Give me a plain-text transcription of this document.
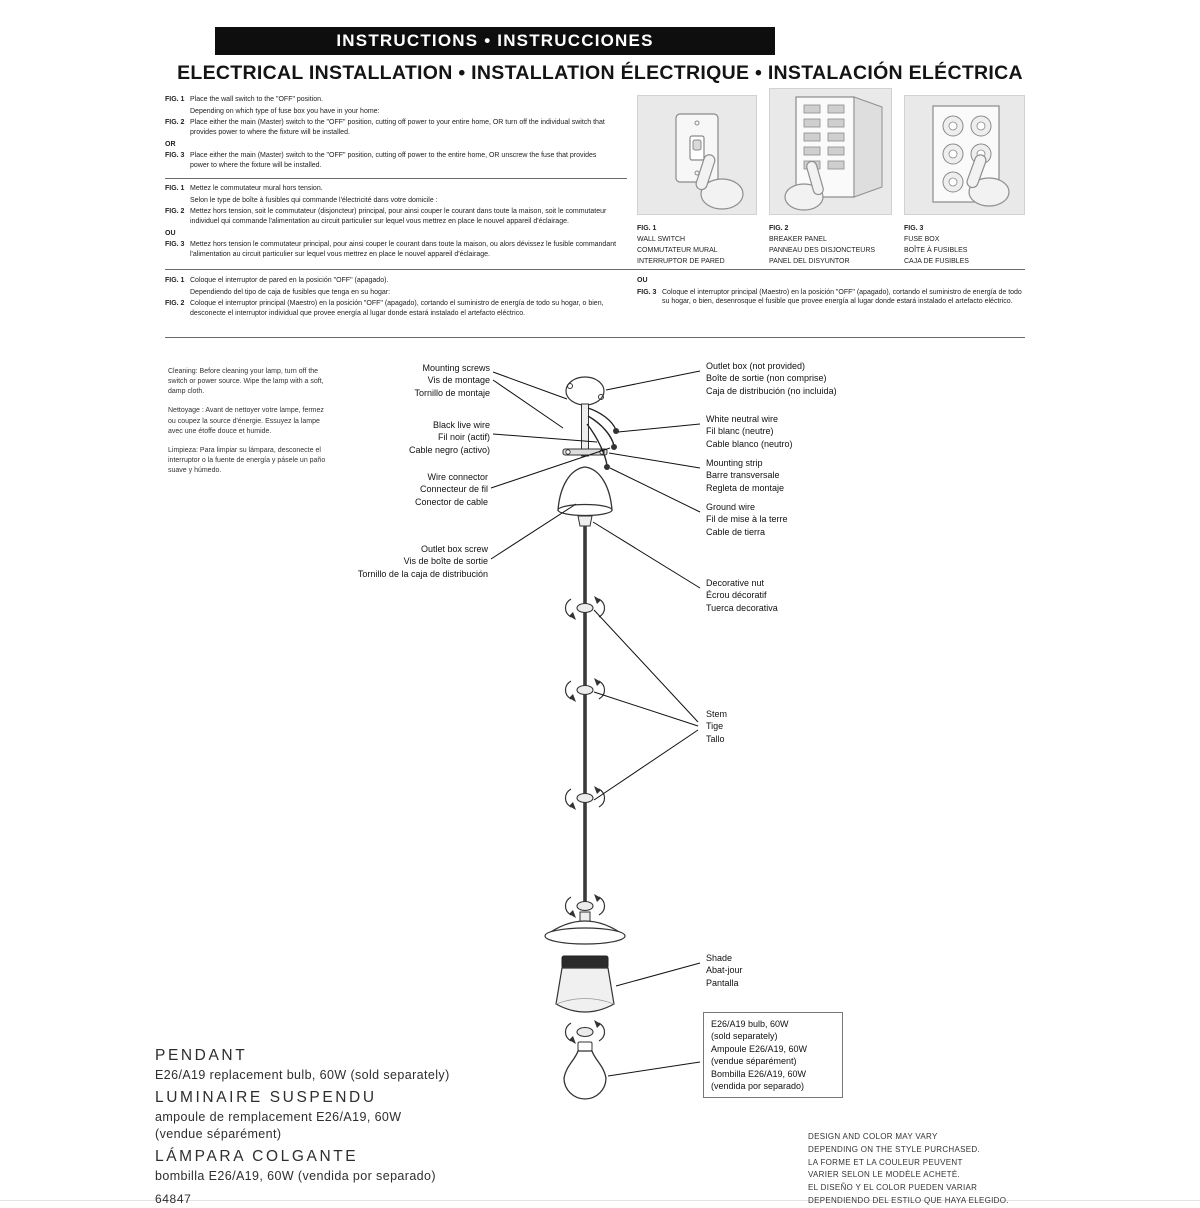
INSTRUCTIONS • INSTRUCCIONES
ELECTRICAL INSTALLATION • INSTALLATION ÉLECTRIQUE • INSTALACIÓN ELÉCTRICA
FIG. 1 Place the wall switch to the "OFF" position.
Depending on which type of fuse box you have in your home:
FIG. 2 Place either the main (Master) switch to the "OFF" position, cutting off power to your entire home, OR turn off the individual switch that provides power to where the fixture will be installed.
OR
FIG. 3 Place either the main (Master) switch to the "OFF" position, cutting off power to the entire home, OR unscrew the fuse that provides power to where the fixture will be installed.
FIG. 1 Mettez le commutateur mural hors tension.
Selon le type de boîte à fusibles qui commande l'électricité dans votre domicile :
FIG. 2 Mettez hors tension, soit le commutateur (disjoncteur) principal, pour ainsi couper le courant dans toute la maison, soit le commutateur individuel qui commande l'alimentation au circuit particulier sur lequel vous mettrez en place le nouvel appareil d'éclairage.
OU
FIG. 3 Mettez hors tension le commutateur principal, pour ainsi couper le courant dans toute la maison, ou alors dévissez le fusible commandant l'alimentation au circuit particulier sur lequel vous mettrez en place le nouvel appareil d'éclairage.
FIG. 1 Coloque el interruptor de pared en la posición "OFF" (apagado).
Dependiendo del tipo de caja de fusibles que tenga en su hogar:
FIG. 2 Coloque el interruptor principal (Maestro) en la posición "OFF" (apagado), cortando el suministro de energía de todo su hogar, o bien, desconecte el interruptor individual que provee energía al lugar donde estará instalado el artefacto eléctrico.
OU
FIG. 3 Coloque el interruptor principal (Maestro) en la posición "OFF" (apagado), cortando el suministro de energía de todo su hogar, o bien, desenrosque el fusible que provee energía al lugar donde estará instalado el artefacto eléctrico.
FIG. 1
WALL SWITCH
COMMUTATEUR MURAL
INTERRUPTOR DE PARED
FIG. 2
BREAKER PANEL
PANNEAU DES DISJONCTEURS
PANEL DEL DISYUNTOR
FIG. 3
FUSE BOX
BOÎTE À FUSIBLES
CAJA DE FUSIBLES

Cleaning: Before cleaning your lamp, turn off the switch or power source. Wipe the lamp with a soft, damp cloth.

Nettoyage : Avant de nettoyer votre lampe, fermez ou coupez la source d'énergie. Essuyez la lampe avec une étoffe douce et humide.

Limpieza: Para limpiar su lámpara, desconecte el interruptor o la fuente de energía y pásele un paño suave y húmedo.

Mounting screws
Vis de montage
Tornillo de montaje
Black live wire
Fil noir (actif)
Cable negro (activo)
Wire connector
Connecteur de fil
Conector de cable
Outlet box screw
Vis de boîte de sortie
Tornillo de la caja de distribución
Outlet box (not provided)
Boîte de sortie (non comprise)
Caja de distribución (no incluida)
White neutral wire
Fil blanc (neutre)
Cable blanco (neutro)
Mounting strip
Barre transversale
Regleta de montaje
Ground wire
Fil de mise à la terre
Cable de tierra
Decorative nut
Écrou décoratif
Tuerca decorativa
Stem
Tige
Tallo
Shade
Abat-jour
Pantalla
E26/A19 bulb, 60W
(sold separately)
Ampoule E26/A19, 60W
(vendue séparément)
Bombilla E26/A19, 60W
(vendida por separado)
PENDANT
E26/A19 replacement bulb, 60W (sold separately)
LUMINAIRE SUSPENDU
ampoule de remplacement E26/A19, 60W
(vendue séparément)
LÁMPARA COLGANTE
bombilla E26/A19, 60W (vendida por separado)
64847
DESIGN AND COLOR MAY VARY
DEPENDING ON THE STYLE PURCHASED.
LA FORME ET LA COULEUR PEUVENT
VARIER SELON LE MODÈLE ACHETÉ.
EL DISEÑO Y EL COLOR PUEDEN VARIAR
DEPENDIENDO DEL ESTILO QUE HAYA ELEGIDO.
